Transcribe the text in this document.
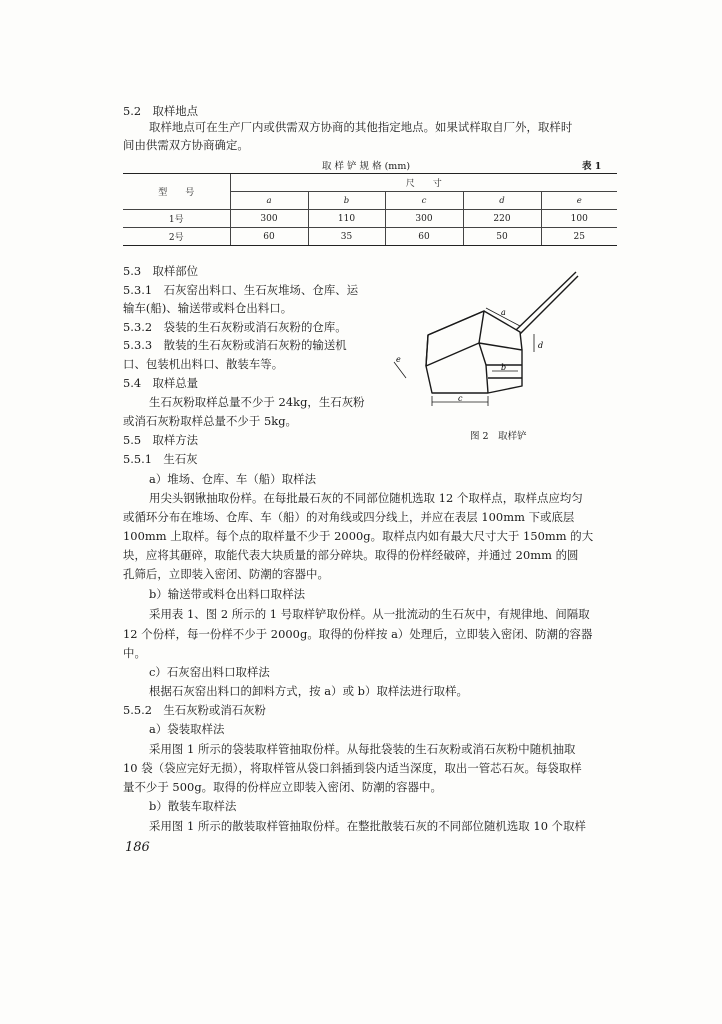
5.2　取样地点
取样地点可在生产厂内或供需双方协商的其他指定地点。如果试样取自厂外，取样时
间由供需双方协商确定。
取 样 铲 规 格 (mm)	表 1
型　　号	尺　　寸				
	a	b	c	d	e
1号	300	110	300	220	100
2号	60	35	60	50	25
5.3　取样部位
5.3.1　石灰窑出料口、生石灰堆场、仓库、运
输车(船)、输送带或料仓出料口。
5.3.2　袋装的生石灰粉或消石灰粉的仓库。
5.3.3　散装的生石灰粉或消石灰粉的输送机
口、包装机出料口、散装车等。
5.4　取样总量
生石灰粉取样总量不少于 24kg，生石灰粉
或消石灰粉取样总量不少于 5kg。
e
a
d
b
c
图 2　取样铲
5.5　取样方法
5.5.1　生石灰
a）堆场、仓库、车（船）取样法
用尖头钢锹抽取份样。在每批最石灰的不同部位随机选取 12 个取样点，取样点应均匀
或循环分布在堆场、仓库、车（船）的对角线或四分线上，并应在表层 100mm 下或底层
100mm 上取样。每个点的取样量不少于 2000g。取样点内如有最大尺寸大于 150mm 的大
块，应将其砸碎，取能代表大块质量的部分碎块。取得的份样经破碎，并通过 20mm 的圆
孔筛后，立即装入密闭、防潮的容器中。
b）输送带或料仓出料口取样法
采用表 1、图 2 所示的 1 号取样铲取份样。从一批流动的生石灰中，有规律地、间隔取
12 个份样，每一份样不少于 2000g。取得的份样按 a）处理后，立即装入密闭、防潮的容器
中。
c）石灰窑出料口取样法
根据石灰窑出料口的卸料方式，按 a）或 b）取样法进行取样。
5.5.2　生石灰粉或消石灰粉
a）袋装取样法
采用图 1 所示的袋装取样管抽取份样。从每批袋装的生石灰粉或消石灰粉中随机抽取
10 袋（袋应完好无损），将取样管从袋口斜插到袋内适当深度，取出一管芯石灰。每袋取样
量不少于 500g。取得的份样应立即装入密闭、防潮的容器中。
b）散装车取样法
采用图 1 所示的散装取样管抽取份样。在整批散装石灰的不同部位随机选取 10 个取样
186
